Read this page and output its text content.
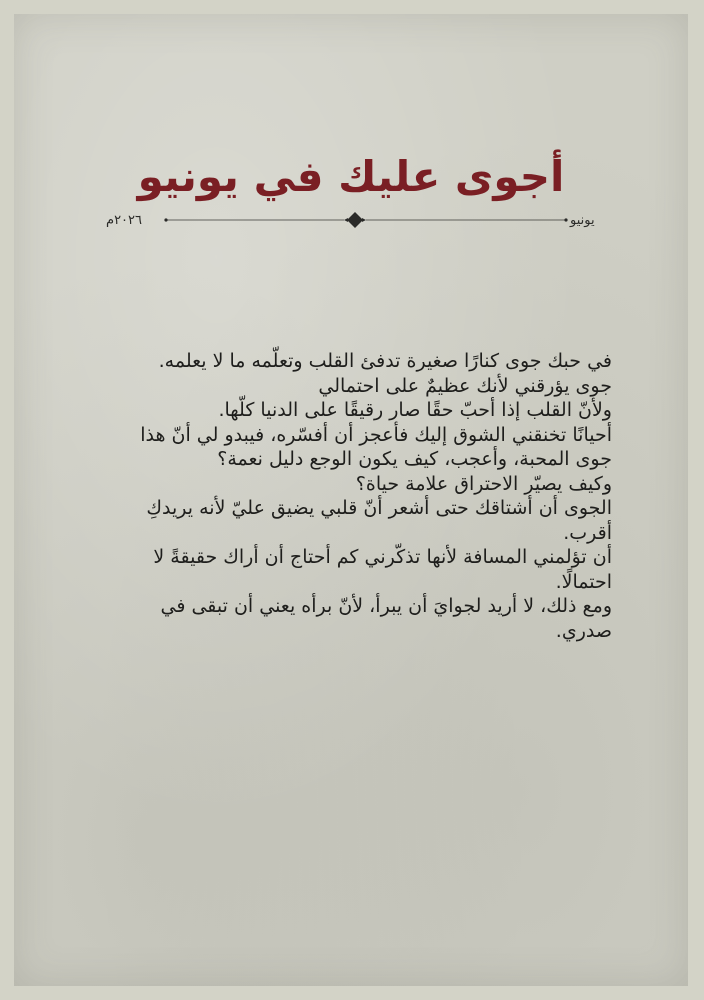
أجوى عليك في يونيو
يونيو
٢٠٢٦م

في حبك جوى كنارًا صغيرة تدفئ القلب وتعلّمه ما لا يعلمه.

جوى يؤرقني لأنك عظيمٌ على احتمالي

ولأنّ القلب إذا أحبّ حقًا صار رقيقًا على الدنيا كلّها.

أحيانًا تخنقني الشوق إليك فأعجز أن أفسّره، فيبدو لي أنّ هذا

جوى المحبة، وأعجب، كيف يكون الوجع دليل نعمة؟

وكيف يصيّر الاحتراق علامة حياة؟

الجوى أن أشتاقك حتى أشعر أنّ قلبي يضيق عليّ لأنه يريدكِ

أقرب.

أن تؤلمني المسافة لأنها تذكّرني كم أحتاج أن أراك حقيقةً لا

احتمالًا.

ومع ذلك، لا أريد لجوايَ أن يبرأ، لأنّ برأه يعني أن تبقى في صدري.
